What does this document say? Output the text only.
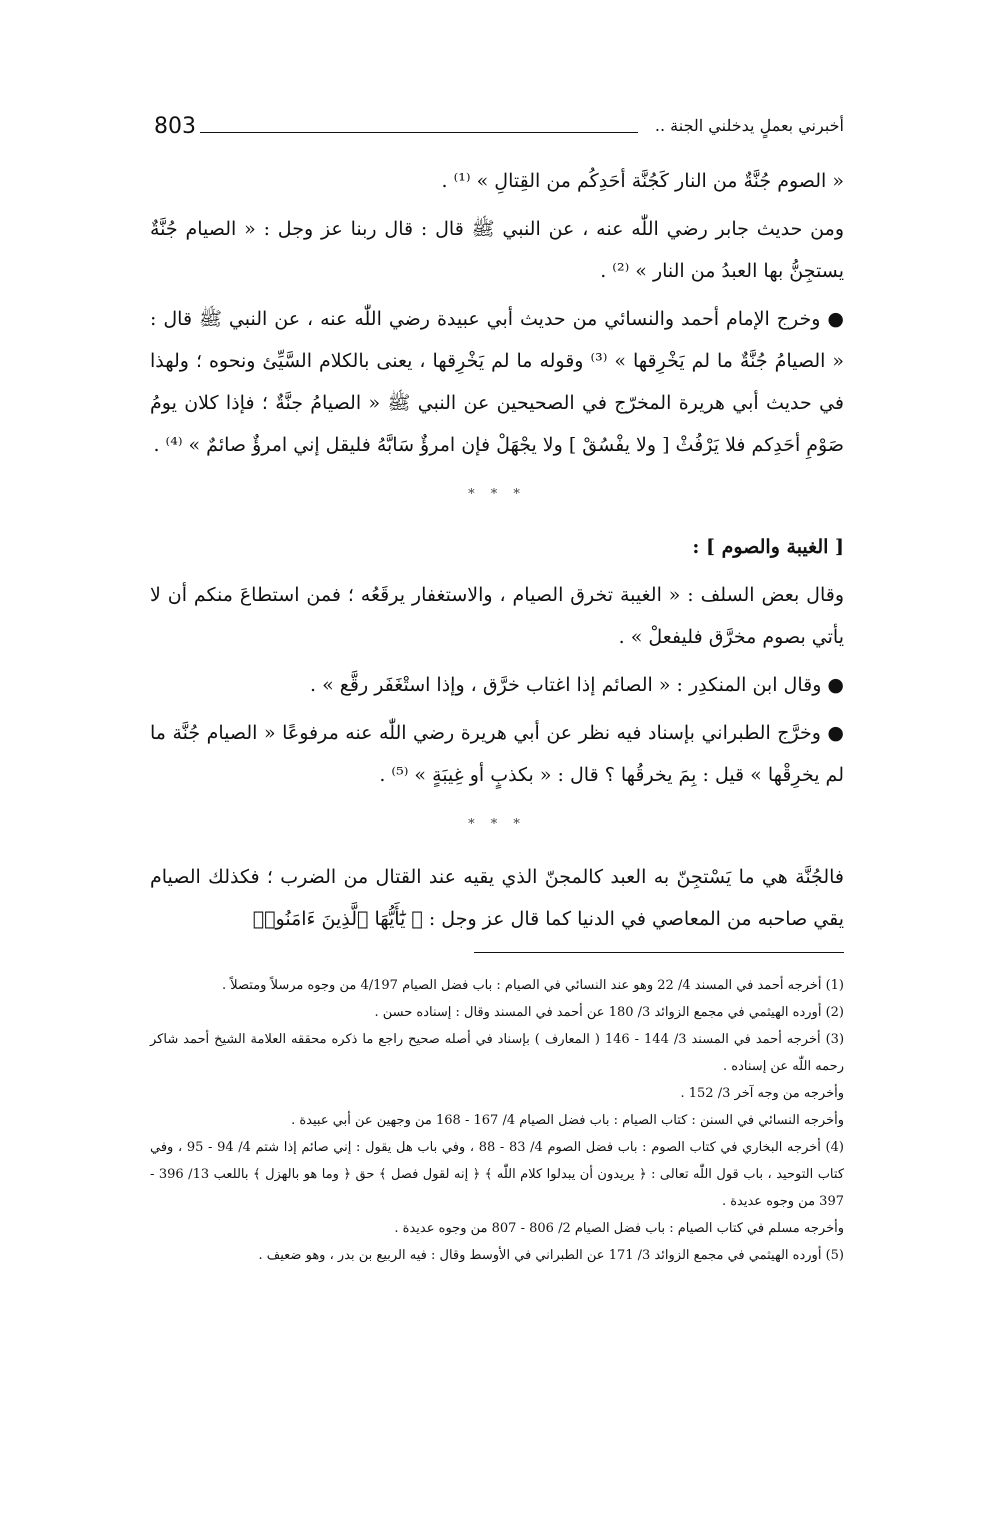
803	أخبرني بعملٍ يدخلني الجنة ..

« الصوم جُنَّةٌ من النار كَجُنَّة أحَدِكُم من القِتالِ » ⁽¹⁾ .

ومن حديث جابر رضي اللّٰه عنه ، عن النبي ﷺ قال : قال ربنا عز وجل : « الصيام جُنَّةٌ يستجِنُّ بها العبدُ من النار » ⁽²⁾ .

● وخرج الإمام أحمد والنسائي من حديث أبي عبيدة رضي اللّٰه عنه ، عن النبي ﷺ قال : « الصيامُ جُنَّةٌ ما لم يَخْرِقها » ⁽³⁾ وقوله ما لم يَخْرِقها ، يعنى بالكلام السَّيِّئ ونحوه ؛ ولهذا في حديث أبي هريرة المخرّج في الصحيحين عن النبي ﷺ « الصيامُ جنَّةٌ ؛ فإذا كلان يومُ صَوْمِ أحَدِكم فلا يَرْفُثْ [ ولا يفْسُقْ ] ولا يجْهَلْ فإن امرؤٌ سَابَّهُ فليقل إني امرؤٌ صائمٌ » ⁽⁴⁾ .

* * *

[ الغيبة والصوم ] :

وقال بعض السلف : « الغيبة تخرق الصيام ، والاستغفار يرقَعُه ؛ فمن استطاعَ منكم أن لا يأتي بصوم مخرَّق فليفعلْ » .

● وقال ابن المنكدِر : « الصائم إذا اغتاب خرَّق ، وإذا استْغَفَر رقَّع » .

● وخرَّج الطبراني بإسناد فيه نظر عن أبي هريرة رضي اللّٰه عنه مرفوعًا « الصيام جُنَّة ما لم يخرِقْها » قيل : بِمَ يخرقُها ؟ قال : « بكذبٍ أو غِيبَةٍ » ⁽⁵⁾ .

* * *

فالجُنَّة هي ما يَسْتجِنّ به العبد كالمجنّ الذي يقيه عند القتال من الضرب ؛ فكذلك الصيام يقي صاحبه من المعاصي في الدنيا كما قال عز وجل : ﴿ يَٰٓأَيُّهَا ٱلَّذِينَ ءَامَنُوا۟

(1) أخرجه أحمد في المسند 4/ 22 وهو عند النسائي في الصيام : باب فضل الصيام 4/197 من وجوه مرسلاً ومتصلاً .

(2) أورده الهيثمي في مجمع الزوائد 3/ 180 عن أحمد في المسند وقال : إسناده حسن .

(3) أخرجه أحمد في المسند 3/ 144 - 146 ( المعارف ) بإسناد في أصله صحيح راجع ما ذكره محققه العلامة الشيخ أحمد شاكر رحمه اللّٰه عن إسناده .

وأخرجه من وجه آخر 3/ 152 .

وأخرجه النسائي في السنن : كتاب الصيام : باب فضل الصيام 4/ 167 - 168 من وجهين عن أبي عبيدة .

(4) أخرجه البخاري في كتاب الصوم : باب فضل الصوم 4/ 83 - 88 ، وفي باب هل يقول : إني صائم إذا شتم 4/ 94 - 95 ، وفي كتاب التوحيد ، باب قول اللّٰه تعالى : ﴿ يريدون أن يبدلوا كلام اللّٰه ﴾ ﴿ إنه لقول فصل ﴾ حق ﴿ وما هو بالهزل ﴾ باللعب 13/ 396 - 397 من وجوه عديدة .

وأخرجه مسلم في كتاب الصيام : باب فضل الصيام 2/ 806 - 807 من وجوه عديدة .

(5) أورده الهيثمي في مجمع الزوائد 3/ 171 عن الطبراني في الأوسط وقال : فيه الربيع بن بدر ، وهو ضعيف .
